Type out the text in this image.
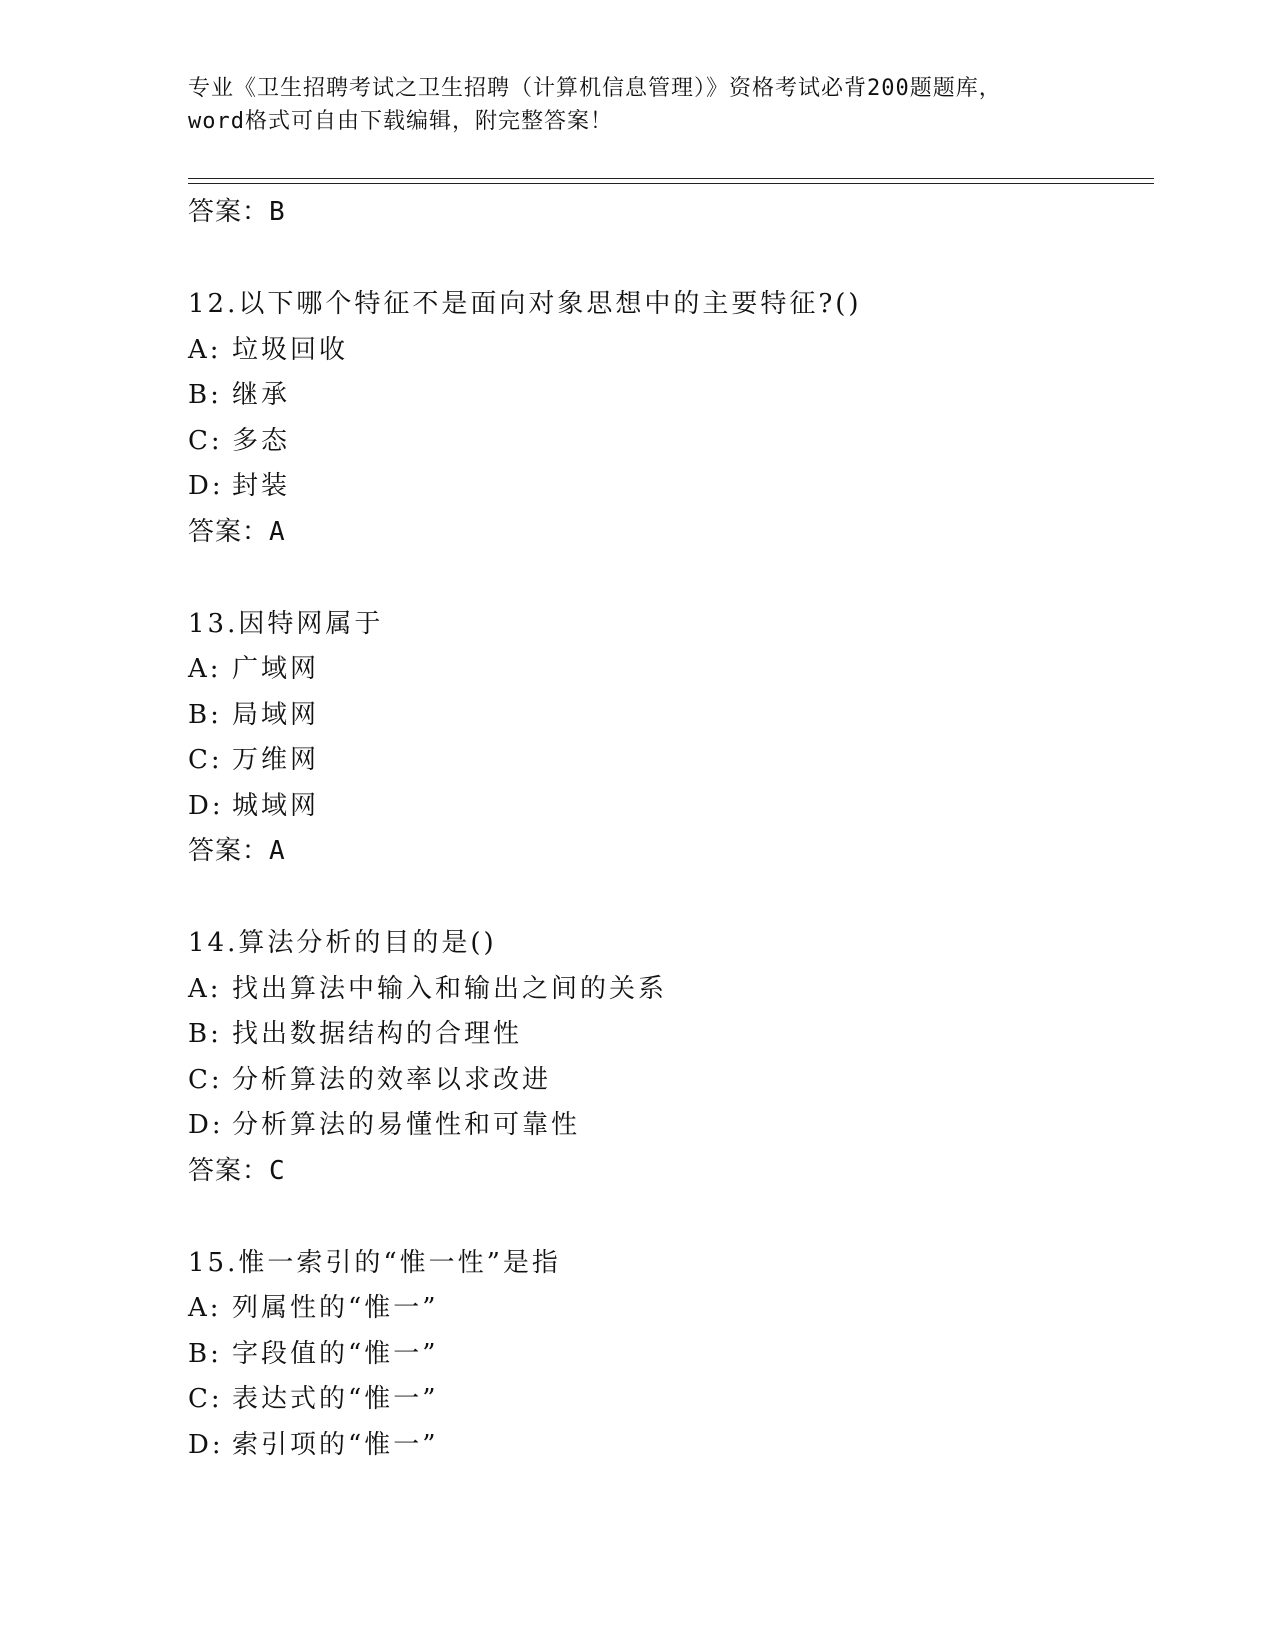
专业《卫生招聘考试之卫生招聘（计算机信息管理）》资格考试必背200题题库，
word格式可自由下载编辑，附完整答案！
答案：B
12.以下哪个特征不是面向对象思想中的主要特征?()
A: 垃圾回收
B: 继承
C: 多态
D: 封装
答案：A
13.因特网属于
A: 广域网
B: 局域网
C: 万维网
D: 城域网
答案：A
14.算法分析的目的是()
A: 找出算法中输入和输出之间的关系
B: 找出数据结构的合理性
C: 分析算法的效率以求改进
D: 分析算法的易懂性和可靠性
答案：C
15.惟一索引的“惟一性”是指
A: 列属性的“惟一”
B: 字段值的“惟一”
C: 表达式的“惟一”
D: 索引项的“惟一”
